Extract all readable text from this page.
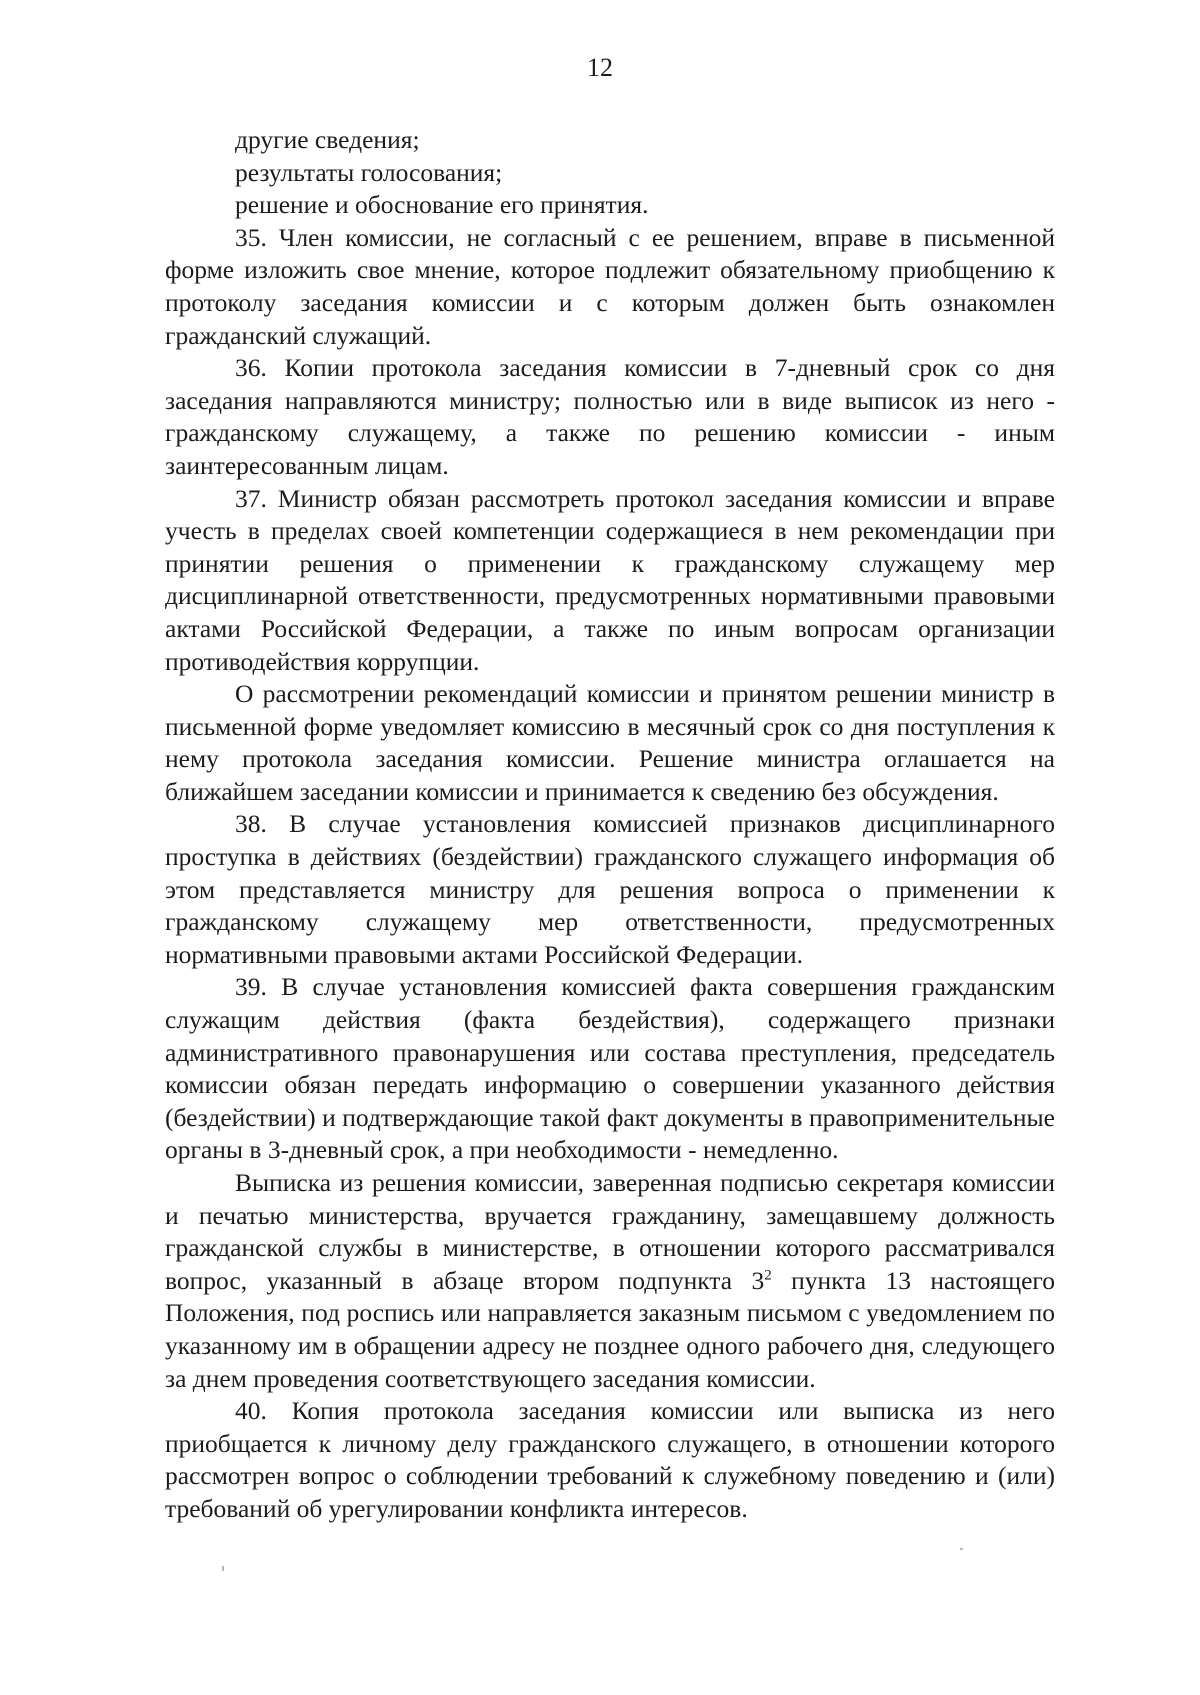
12

другие сведения;

результаты голосования;

решение и обоснование его принятия.

35. Член комиссии, не согласный с ее решением, вправе в письменной форме изложить свое мнение, которое подлежит обязательному приобщению к протоколу заседания комиссии и с которым должен быть ознакомлен гражданский служащий.

36. Копии протокола заседания комиссии в 7-дневный срок со дня заседания направляются министру; полностью или в виде выписок из него - гражданскому служащему, а также по решению комиссии - иным заинтересованным лицам.

37. Министр обязан рассмотреть протокол заседания комиссии и вправе учесть в пределах своей компетенции содержащиеся в нем рекомендации при принятии решения о применении к гражданскому служащему мер дисциплинарной ответственности, предусмотренных нормативными правовыми актами Российской Федерации, а также по иным вопросам организации противодействия коррупции.

О рассмотрении рекомендаций комиссии и принятом решении министр в письменной форме уведомляет комиссию в месячный срок со дня поступления к нему протокола заседания комиссии. Решение министра оглашается на ближайшем заседании комиссии и принимается к сведению без обсуждения.

38. В случае установления комиссией признаков дисциплинарного проступка в действиях (бездействии) гражданского служащего информация об этом представляется министру для решения вопроса о применении к гражданскому служащему мер ответственности, предусмотренных нормативными правовыми актами Российской Федерации.

39. В случае установления комиссией факта совершения гражданским служащим действия (факта бездействия), содержащего признаки административного правонарушения или состава преступления, председатель комиссии обязан передать информацию о совершении указанного действия (бездействии) и подтверждающие такой факт документы в правоприменительные органы в 3-дневный срок, а при необходимости - немедленно.

Выписка из решения комиссии, заверенная подписью секретаря комиссии и печатью министерства, вручается гражданину, замещавшему должность гражданской службы в министерстве, в отношении которого рассматривался вопрос, указанный в абзаце втором подпункта $3^2$ пункта 13 настоящего Положения, под роспись или направляется заказным письмом с уведомлением по указанному им в обращении адресу не позднее одного рабочего дня, следующего за днем проведения соответствующего заседания комиссии.

40. Копия протокола заседания комиссии или выписка из него приобщается к личному делу гражданского служащего, в отношении которого рассмотрен вопрос о соблюдении требований к служебному поведению и (или) требований об урегулировании конфликта интересов.
